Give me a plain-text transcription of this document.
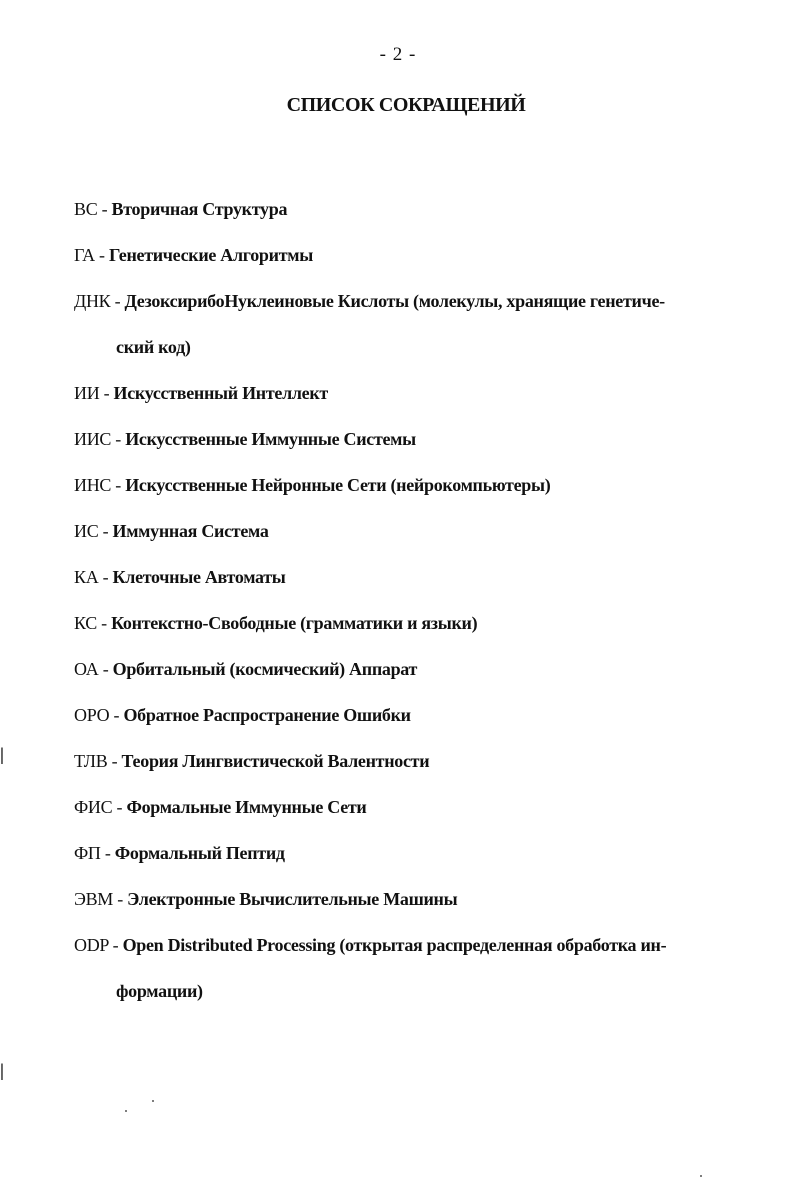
- 2 -
СПИСОК СОКРАЩЕНИЙ
ВС - Вторичная Структура
ГА - Генетические Алгоритмы
ДНК - ДезоксирибоНуклеиновые Кислоты (молекулы, хранящие генетиче-
ский код)
ИИ - Искусственный Интеллект
ИИС - Искусственные Иммунные Системы
ИНС - Искусственные Нейронные Сети (нейрокомпьютеры)
ИС - Иммунная Система
КА - Клеточные Автоматы
КС - Контекстно-Свободные (грамматики и языки)
ОА - Орбитальный (космический) Аппарат
ОРО - Обратное Распространение Ошибки
ТЛВ - Теория Лингвистической Валентности
ФИС - Формальные Иммунные Сети
ФП - Формальный Пептид
ЭВМ - Электронные Вычислительные Машины
ODP - Open Distributed Processing (открытая распределенная обработка ин-
формации)
|
|
